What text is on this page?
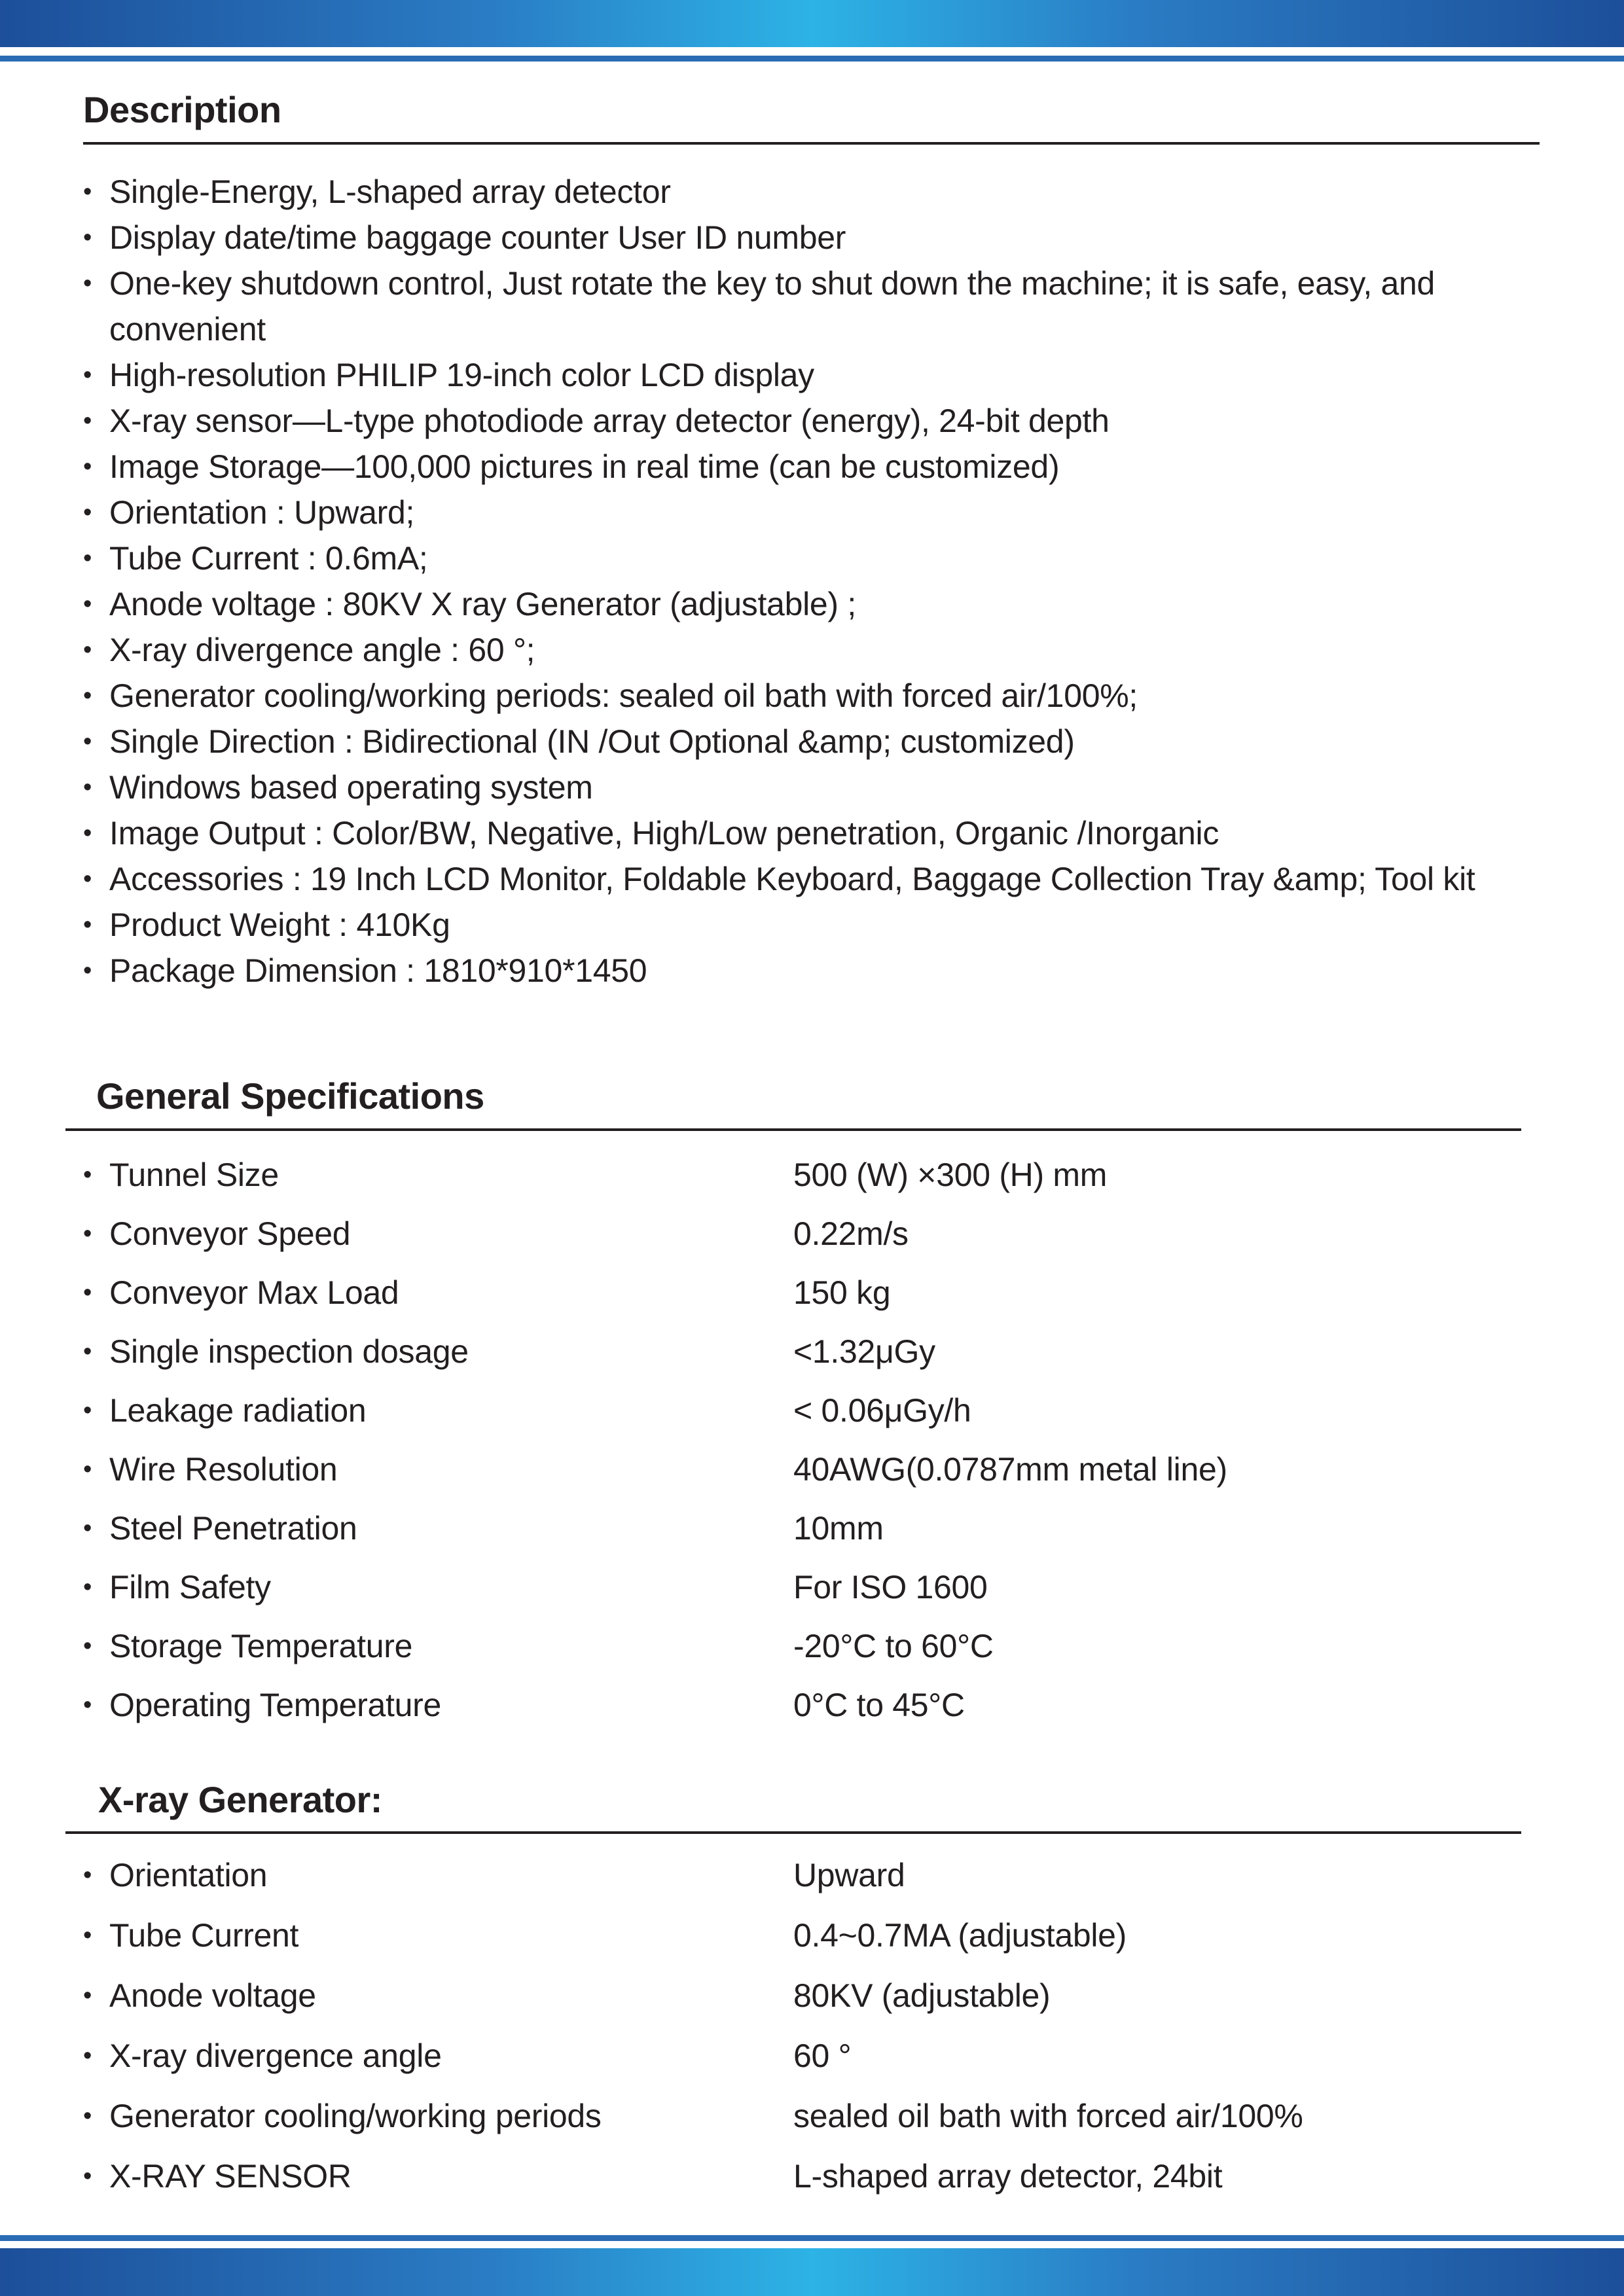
Description
• Single-Energy, L-shaped array detector
• Display date/time baggage counter User ID number
• One-key shutdown control, Just rotate the key to shut down the machine; it is safe, easy, and convenient
• High-resolution PHILIP 19-inch color LCD display
• X-ray sensor—L-type photodiode array detector (energy), 24-bit depth
• Image Storage—100,000 pictures in real time (can be customized)
• Orientation : Upward;
• Tube Current : 0.6mA;
• Anode voltage : 80KV X ray Generator (adjustable) ;
• X-ray divergence angle : 60 °;
• Generator cooling/working periods: sealed oil bath with forced air/100%;
• Single Direction : Bidirectional (IN /Out Optional &amp; customized)
• Windows based operating system
• Image Output : Color/BW, Negative, High/Low penetration, Organic /Inorganic
• Accessories : 19 Inch LCD Monitor, Foldable Keyboard, Baggage Collection Tray &amp; Tool kit
• Product Weight : 410Kg
• Package Dimension : 1810*910*1450
General Specifications
• Tunnel Size	500 (W) ×300 (H) mm
• Conveyor Speed	0.22m/s
• Conveyor Max Load	150 kg
• Single inspection dosage	<1.32μGy
• Leakage radiation	< 0.06μGy/h
• Wire Resolution	40AWG(0.0787mm metal line)
• Steel Penetration	10mm
• Film Safety	For ISO 1600
• Storage Temperature	-20°C to 60°C
• Operating Temperature	0°C to 45°C
X-ray Generator:
• Orientation	Upward
• Tube Current	0.4~0.7MA (adjustable)
• Anode voltage	80KV (adjustable)
• X-ray divergence angle	60 °
• Generator cooling/working periods	sealed oil bath with forced air/100%
• X-RAY SENSOR	L-shaped array detector, 24bit
